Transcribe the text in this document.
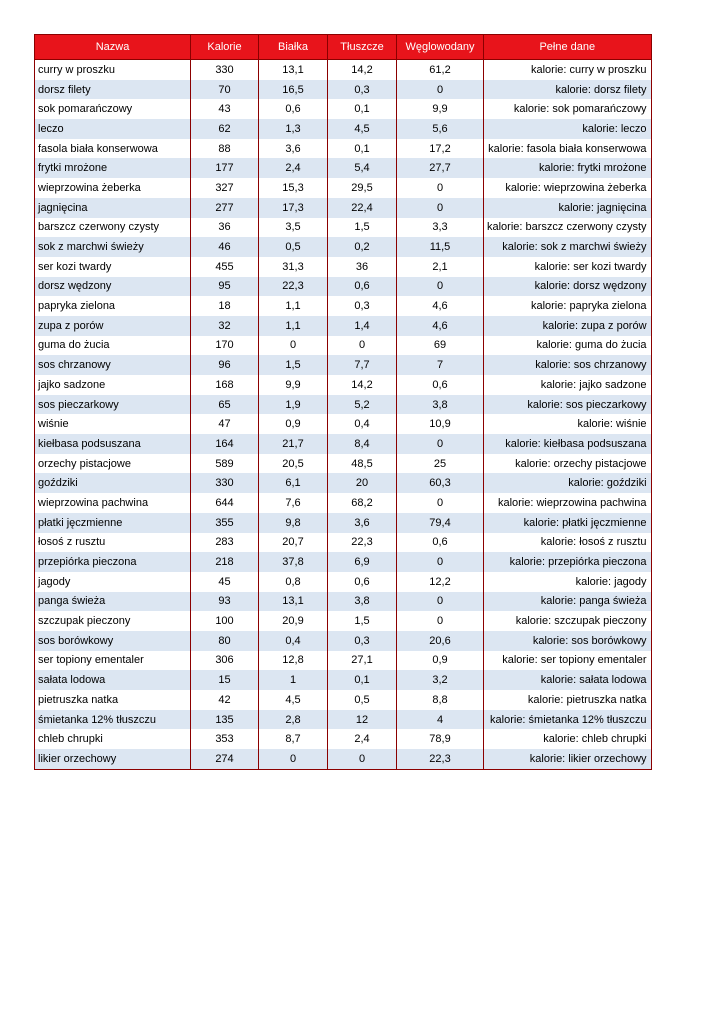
Nazwa	Kalorie	Białka	Tłuszcze	Węglowodany	Pełne dane
curry w proszku	330	13,1	14,2	61,2	kalorie: curry w proszku
dorsz filety	70	16,5	0,3	0	kalorie: dorsz filety
sok pomarańczowy	43	0,6	0,1	9,9	kalorie: sok pomarańczowy
leczo	62	1,3	4,5	5,6	kalorie: leczo
fasola biała konserwowa	88	3,6	0,1	17,2	kalorie: fasola biała konserwowa
frytki mrożone	177	2,4	5,4	27,7	kalorie: frytki mrożone
wieprzowina żeberka	327	15,3	29,5	0	kalorie: wieprzowina żeberka
jagnięcina	277	17,3	22,4	0	kalorie: jagnięcina
barszcz czerwony czysty	36	3,5	1,5	3,3	kalorie: barszcz czerwony czysty
sok z marchwi świeży	46	0,5	0,2	11,5	kalorie: sok z marchwi świeży
ser kozi twardy	455	31,3	36	2,1	kalorie: ser kozi twardy
dorsz wędzony	95	22,3	0,6	0	kalorie: dorsz wędzony
papryka zielona	18	1,1	0,3	4,6	kalorie: papryka zielona
zupa z porów	32	1,1	1,4	4,6	kalorie: zupa z porów
guma do żucia	170	0	0	69	kalorie: guma do żucia
sos chrzanowy	96	1,5	7,7	7	kalorie: sos chrzanowy
jajko sadzone	168	9,9	14,2	0,6	kalorie: jajko sadzone
sos pieczarkowy	65	1,9	5,2	3,8	kalorie: sos pieczarkowy
wiśnie	47	0,9	0,4	10,9	kalorie: wiśnie
kiełbasa podsuszana	164	21,7	8,4	0	kalorie: kiełbasa podsuszana
orzechy pistacjowe	589	20,5	48,5	25	kalorie: orzechy pistacjowe
goździki	330	6,1	20	60,3	kalorie: goździki
wieprzowina pachwina	644	7,6	68,2	0	kalorie: wieprzowina pachwina
płatki jęczmienne	355	9,8	3,6	79,4	kalorie: płatki jęczmienne
łosoś z rusztu	283	20,7	22,3	0,6	kalorie: łosoś z rusztu
przepiórka pieczona	218	37,8	6,9	0	kalorie: przepiórka pieczona
jagody	45	0,8	0,6	12,2	kalorie: jagody
panga świeża	93	13,1	3,8	0	kalorie: panga świeża
szczupak pieczony	100	20,9	1,5	0	kalorie: szczupak pieczony
sos borówkowy	80	0,4	0,3	20,6	kalorie: sos borówkowy
ser topiony ementaler	306	12,8	27,1	0,9	kalorie: ser topiony ementaler
sałata lodowa	15	1	0,1	3,2	kalorie: sałata lodowa
pietruszka natka	42	4,5	0,5	8,8	kalorie: pietruszka natka
śmietanka 12% tłuszczu	135	2,8	12	4	kalorie: śmietanka 12% tłuszczu
chleb chrupki	353	8,7	2,4	78,9	kalorie: chleb chrupki
likier orzechowy	274	0	0	22,3	kalorie: likier orzechowy
